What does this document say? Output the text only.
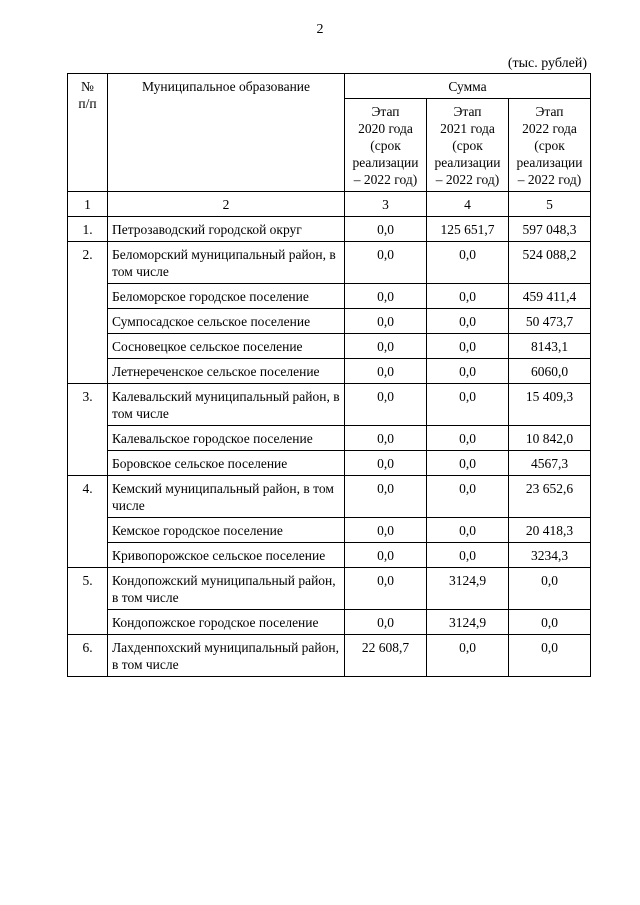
2
(тыс. рублей)
№
п/п	Муниципальное образование	Сумма		
		Этап
2020 года
(срок
реализации
– 2022 год)	Этап
2021 года
(срок
реализации
– 2022 год)	Этап
2022 года
(срок
реализации
– 2022 год)
1	2	3	4	5
1.	Петрозаводский городской округ	0,0	125 651,7	597 048,3
2.	Беломорский муниципальный район, в том числе	0,0	0,0	524 088,2
	Беломорское городское поселение	0,0	0,0	459 411,4
	Сумпосадское сельское поселение	0,0	0,0	50 473,7
	Сосновецкое сельское поселение	0,0	0,0	8143,1
	Летнереченское сельское поселение	0,0	0,0	6060,0
3.	Калевальский муниципальный район, в том числе	0,0	0,0	15 409,3
	Калевальское городское поселение	0,0	0,0	10 842,0
	Боровское сельское поселение	0,0	0,0	4567,3
4.	Кемский муниципальный район, в том числе	0,0	0,0	23 652,6
	Кемское городское поселение	0,0	0,0	20 418,3
	Кривопорожское сельское поселение	0,0	0,0	3234,3
5.	Кондопожский муниципальный район, в том числе	0,0	3124,9	0,0
	Кондопожское городское поселение	0,0	3124,9	0,0
6.	Лахденпохский муниципальный район, в том числе	22 608,7	0,0	0,0
